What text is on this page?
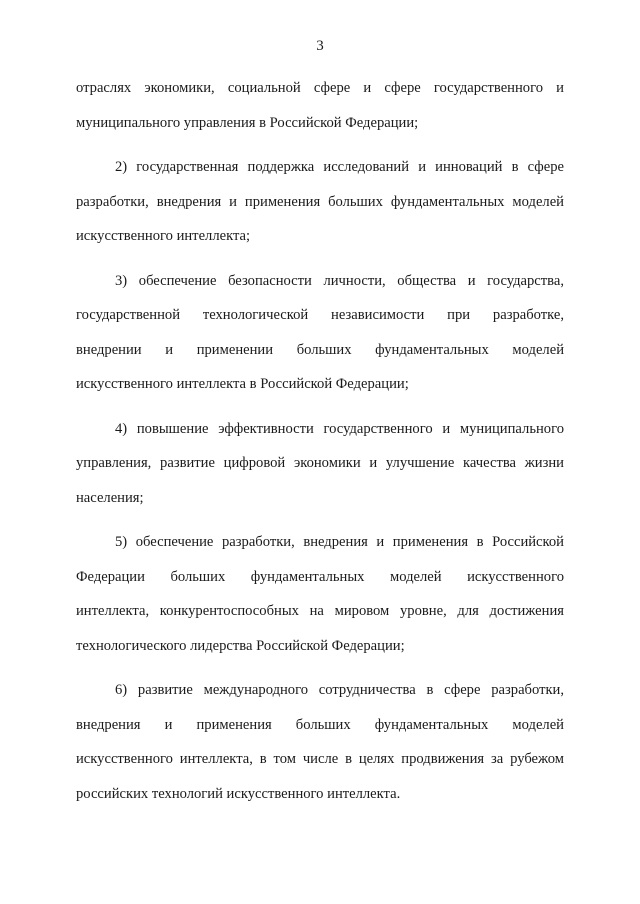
3

отраслях экономики, социальной сфере и сфере государственного и
муниципального управления в Российской Федерации;

2) государственная поддержка исследований и инноваций в сфере
разработки, внедрения и применения больших фундаментальных моделей
искусственного интеллекта;

3) обеспечение безопасности личности, общества и государства,
государственной технологической независимости при разработке,
внедрении и применении больших фундаментальных моделей
искусственного интеллекта в Российской Федерации;

4) повышение эффективности государственного и муниципального
управления, развитие цифровой экономики и улучшение качества жизни
населения;

5) обеспечение разработки, внедрения и применения в Российской
Федерации больших фундаментальных моделей искусственного
интеллекта, конкурентоспособных на мировом уровне, для достижения
технологического лидерства Российской Федерации;

6) развитие международного сотрудничества в сфере разработки,
внедрения и применения больших фундаментальных моделей
искусственного интеллекта, в том числе в целях продвижения за рубежом
российских технологий искусственного интеллекта.
